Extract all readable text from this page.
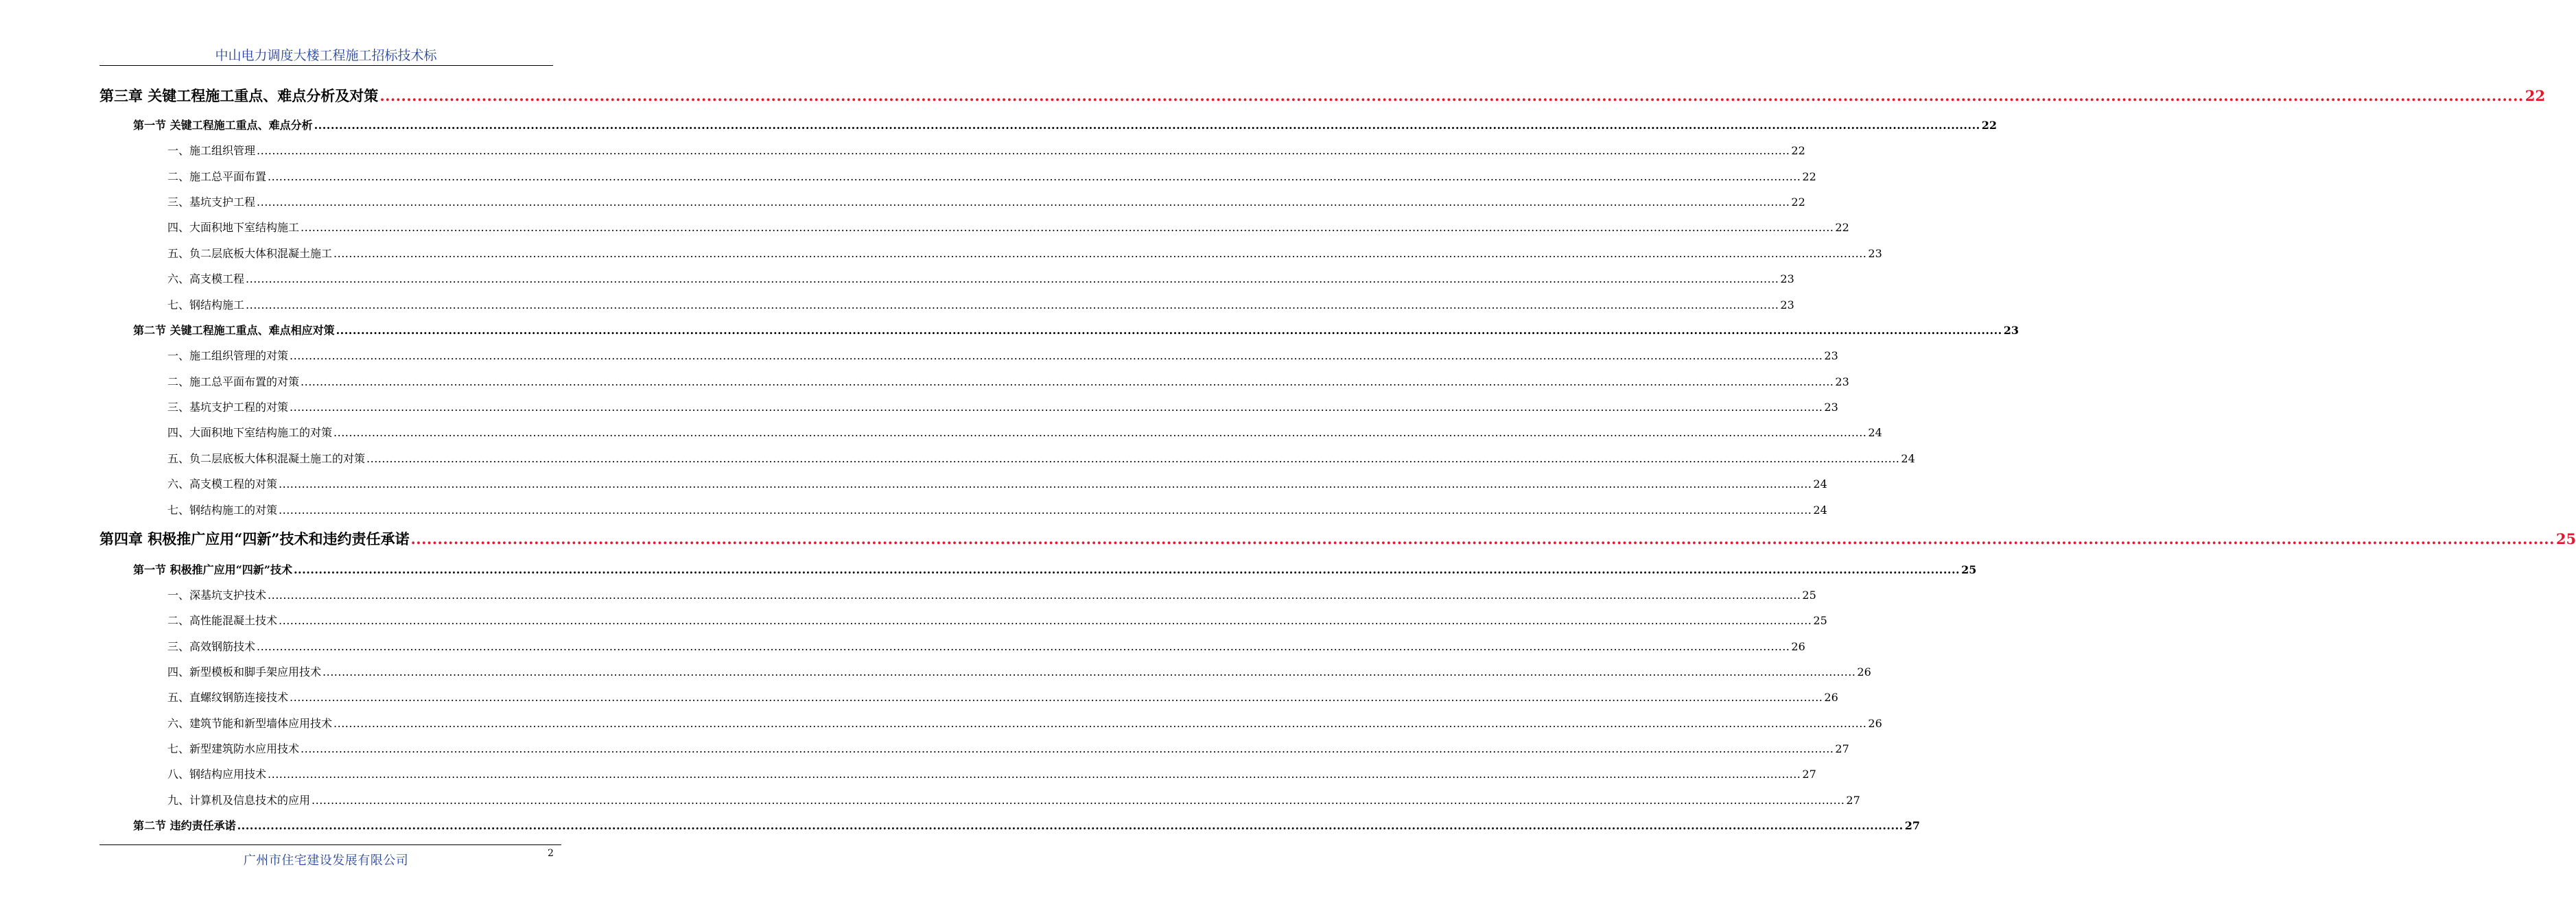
中山电力调度大楼工程施工招标技术标
第三章 关键工程施工重点、难点分析及对策 ................................................................................................................................................................................................................................................................................................................................................................................................................ 22
第一节 关键工程施工重点、难点分析 ................................................................................................................................................................................................................................................................................................................................................................................................................ 22
一、施工组织管理 ................................................................................................................................................................................................................................................................................................................................................................................................................ 22
二、施工总平面布置 ................................................................................................................................................................................................................................................................................................................................................................................................................ 22
三、基坑支护工程 ................................................................................................................................................................................................................................................................................................................................................................................................................ 22
四、大面积地下室结构施工 ................................................................................................................................................................................................................................................................................................................................................................................................................ 22
五、负二层底板大体积混凝土施工 ................................................................................................................................................................................................................................................................................................................................................................................................................ 23
六、高支模工程 ................................................................................................................................................................................................................................................................................................................................................................................................................ 23
七、钢结构施工 ................................................................................................................................................................................................................................................................................................................................................................................................................ 23
第二节 关键工程施工重点、难点相应对策 ................................................................................................................................................................................................................................................................................................................................................................................................................ 23
一、施工组织管理的对策 ................................................................................................................................................................................................................................................................................................................................................................................................................ 23
二、施工总平面布置的对策 ................................................................................................................................................................................................................................................................................................................................................................................................................ 23
三、基坑支护工程的对策 ................................................................................................................................................................................................................................................................................................................................................................................................................ 23
四、大面积地下室结构施工的对策 ................................................................................................................................................................................................................................................................................................................................................................................................................ 24
五、负二层底板大体积混凝土施工的对策 ................................................................................................................................................................................................................................................................................................................................................................................................................ 24
六、高支模工程的对策 ................................................................................................................................................................................................................................................................................................................................................................................................................ 24
七、钢结构施工的对策 ................................................................................................................................................................................................................................................................................................................................................................................................................ 24
第四章 积极推广应用“四新”技术和违约责任承诺 ................................................................................................................................................................................................................................................................................................................................................................................................................ 25
第一节 积极推广应用“四新”技术 ................................................................................................................................................................................................................................................................................................................................................................................................................ 25
一、深基坑支护技术 ................................................................................................................................................................................................................................................................................................................................................................................................................ 25
二、高性能混凝土技术 ................................................................................................................................................................................................................................................................................................................................................................................................................ 25
三、高效钢筋技术 ................................................................................................................................................................................................................................................................................................................................................................................................................ 26
四、新型模板和脚手架应用技术 ................................................................................................................................................................................................................................................................................................................................................................................................................ 26
五、直螺纹钢筋连接技术 ................................................................................................................................................................................................................................................................................................................................................................................................................ 26
六、建筑节能和新型墙体应用技术 ................................................................................................................................................................................................................................................................................................................................................................................................................ 26
七、新型建筑防水应用技术 ................................................................................................................................................................................................................................................................................................................................................................................................................ 27
八、钢结构应用技术 ................................................................................................................................................................................................................................................................................................................................................................................................................ 27
九、计算机及信息技术的应用 ................................................................................................................................................................................................................................................................................................................................................................................................................ 27
第二节 违约责任承诺 ................................................................................................................................................................................................................................................................................................................................................................................................................ 27
广州市住宅建设发展有限公司	2
